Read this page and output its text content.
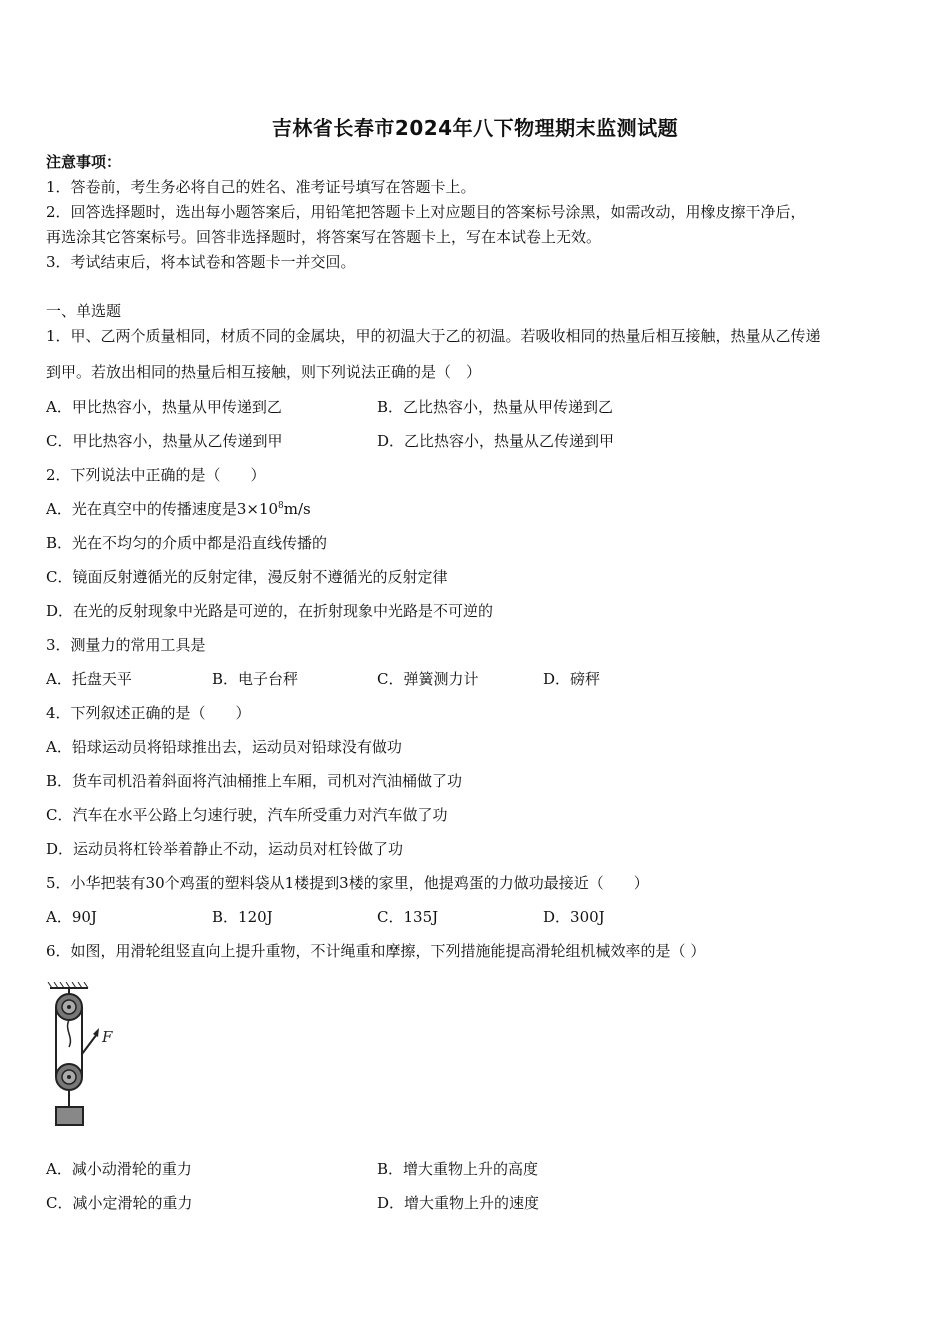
吉林省长春市2024年八下物理期末监测试题
注意事项：
1．答卷前，考生务必将自己的姓名、准考证号填写在答题卡上。
2．回答选择题时，选出每小题答案后，用铅笔把答题卡上对应题目的答案标号涂黑，如需改动，用橡皮擦干净后，
再选涂其它答案标号。回答非选择题时，将答案写在答题卡上，写在本试卷上无效。
3．考试结束后，将本试卷和答题卡一并交回。
一、单选题
1．甲、乙两个质量相同，材质不同的金属块，甲的初温大于乙的初温。若吸收相同的热量后相互接触，热量从乙传递
到甲。若放出相同的热量后相互接触，则下列说法正确的是（　）
A．甲比热容小，热量从甲传递到乙	B．乙比热容小，热量从甲传递到乙
C．甲比热容小，热量从乙传递到甲	D．乙比热容小，热量从乙传递到甲
2．下列说法中正确的是（　　）
A．光在真空中的传播速度是$3\times 10^8m/s$
B．光在不均匀的介质中都是沿直线传播的
C．镜面反射遵循光的反射定律，漫反射不遵循光的反射定律
D．在光的反射现象中光路是可逆的，在折射现象中光路是不可逆的
3．测量力的常用工具是
A．托盘天平	B．电子台秤	C．弹簧测力计	D．磅秤
4．下列叙述正确的是（　　）
A．铅球运动员将铅球推出去，运动员对铅球没有做功
B．货车司机沿着斜面将汽油桶推上车厢，司机对汽油桶做了功
C．汽车在水平公路上匀速行驶，汽车所受重力对汽车做了功
D．运动员将杠铃举着静止不动，运动员对杠铃做了功
5．小华把装有30个鸡蛋的塑料袋从1楼提到3楼的家里，他提鸡蛋的力做功最接近（　　）
A．90J	B．120J	C．135J	D．300J
6．如图，用滑轮组竖直向上提升重物，不计绳重和摩擦，下列措施能提高滑轮组机械效率的是（ ）
F
A．减小动滑轮的重力	B．增大重物上升的高度
C．减小定滑轮的重力	D．增大重物上升的速度
